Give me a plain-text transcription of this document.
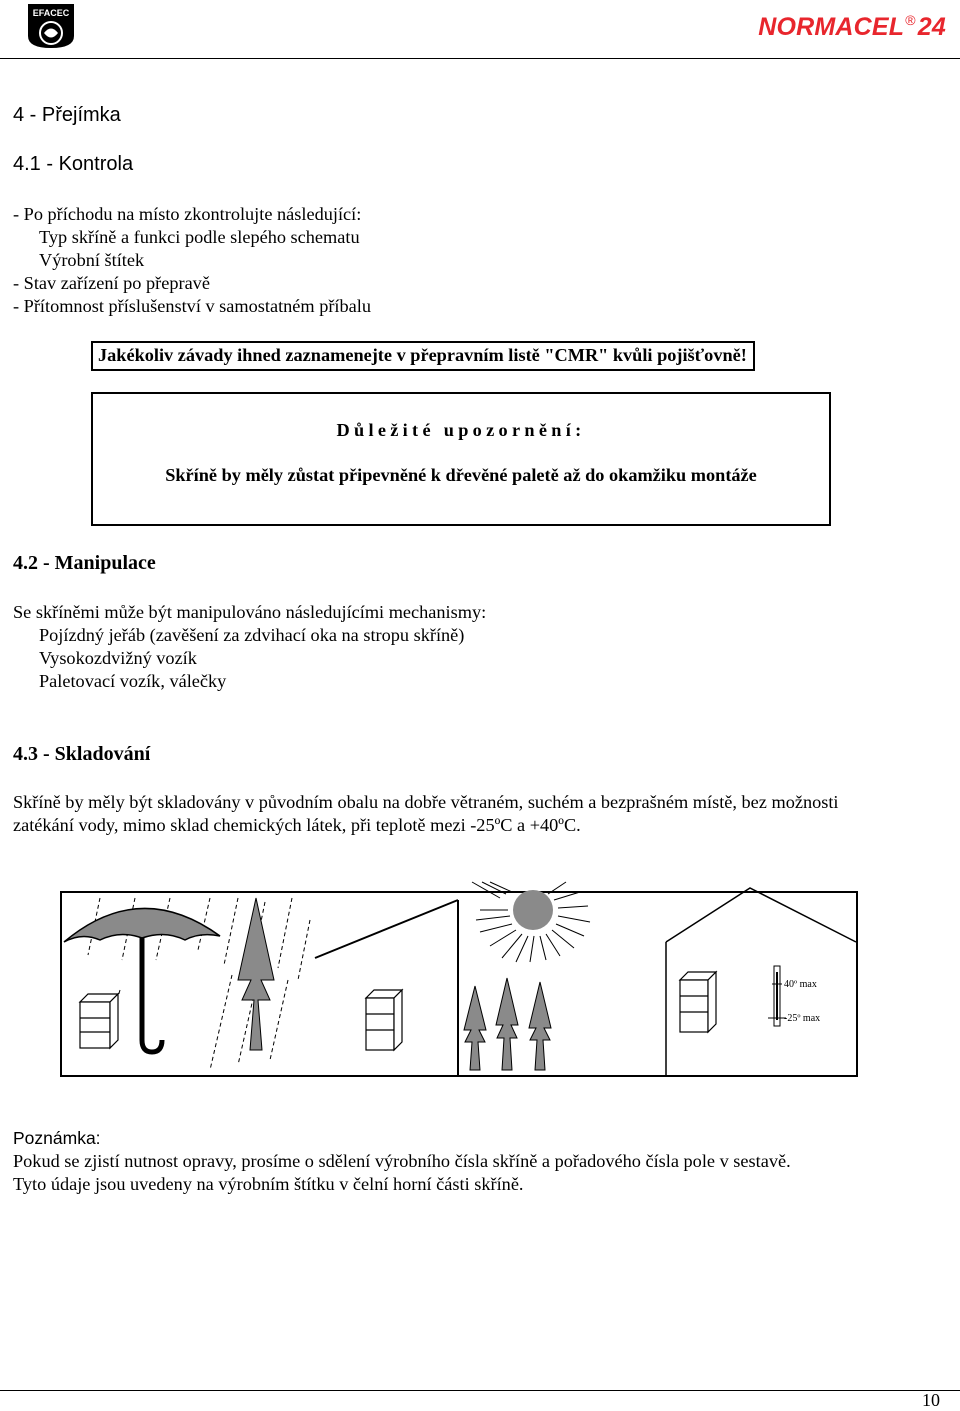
EFACEC	NORMACEL®24
4 - Přejímka
4.1 - Kontrola
- Po příchodu na místo zkontrolujte následující:
Typ skříně a funkci podle slepého schematu
Výrobní štítek
- Stav zařízení po přepravě
- Přítomnost příslušenství v samostatném příbalu
Jakékoliv závady ihned zaznamenejte v přepravním listě "CMR" kvůli pojišťovně!
Důležité upozornění:
Skříně by měly zůstat připevněné k dřevěné paletě až do okamžiku montáže
4.2 - Manipulace
Se skříněmi může být manipulováno následujícími mechanismy:
Pojízdný jeřáb (zavěšení za zdvihací oka na stropu skříně)
Vysokozdvižný vozík
Paletovací vozík, válečky
4.3 - Skladování
Skříně by měly být skladovány v původním obalu na dobře větraném, suchém a bezprašném místě, bez možnosti
zatékání vody, mimo sklad chemických látek, při teplotě mezi -25ºC a +40ºC.
40º max
-25º max
Poznámka:
Pokud se zjistí nutnost opravy, prosíme o sdělení výrobního čísla skříně a pořadového čísla pole v sestavě.
Tyto údaje jsou uvedeny na výrobním štítku v čelní horní části skříně.
10
